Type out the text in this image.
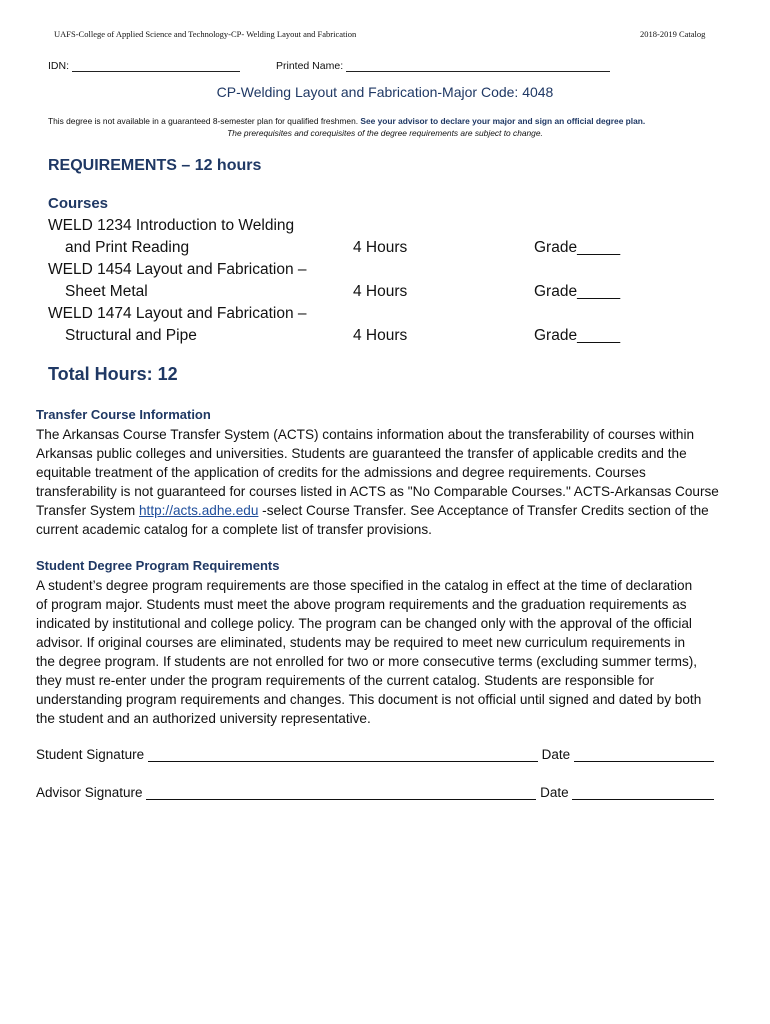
UAFS-College of Applied Science and Technology-CP- Welding Layout and Fabrication	2018-2019 Catalog
IDN:	Printed Name:
CP-Welding Layout and Fabrication-Major Code: 4048
This degree is not available in a guaranteed 8-semester plan for qualified freshmen. See your advisor to declare your major and sign an official degree plan.
The prerequisites and corequisites of the degree requirements are subject to change.
REQUIREMENTS – 12 hours
Courses
WELD 1234 Introduction to Welding
and Print Reading	4 Hours	Grade_____
WELD 1454 Layout and Fabrication –
Sheet Metal	4 Hours	Grade_____
WELD 1474 Layout and Fabrication –
Structural and Pipe	4 Hours	Grade_____
Total Hours: 12
Transfer Course Information
The Arkansas Course Transfer System (ACTS) contains information about the transferability of courses within
Arkansas public colleges and universities. Students are guaranteed the transfer of applicable credits and the
equitable treatment of the application of credits for the admissions and degree requirements. Courses
transferability is not guaranteed for courses listed in ACTS as "No Comparable Courses." ACTS-Arkansas Course
Transfer System http://acts.adhe.edu -select Course Transfer. See Acceptance of Transfer Credits section of the
current academic catalog for a complete list of transfer provisions.
Student Degree Program Requirements
A student’s degree program requirements are those specified in the catalog in effect at the time of declaration
of program major. Students must meet the above program requirements and the graduation requirements as
indicated by institutional and college policy. The program can be changed only with the approval of the official
advisor. If original courses are eliminated, students may be required to meet new curriculum requirements in
the degree program. If students are not enrolled for two or more consecutive terms (excluding summer terms),
they must re-enter under the program requirements of the current catalog. Students are responsible for
understanding program requirements and changes. This document is not official until signed and dated by both
the student and an authorized university representative.
Student Signature	Date
Advisor Signature	Date
